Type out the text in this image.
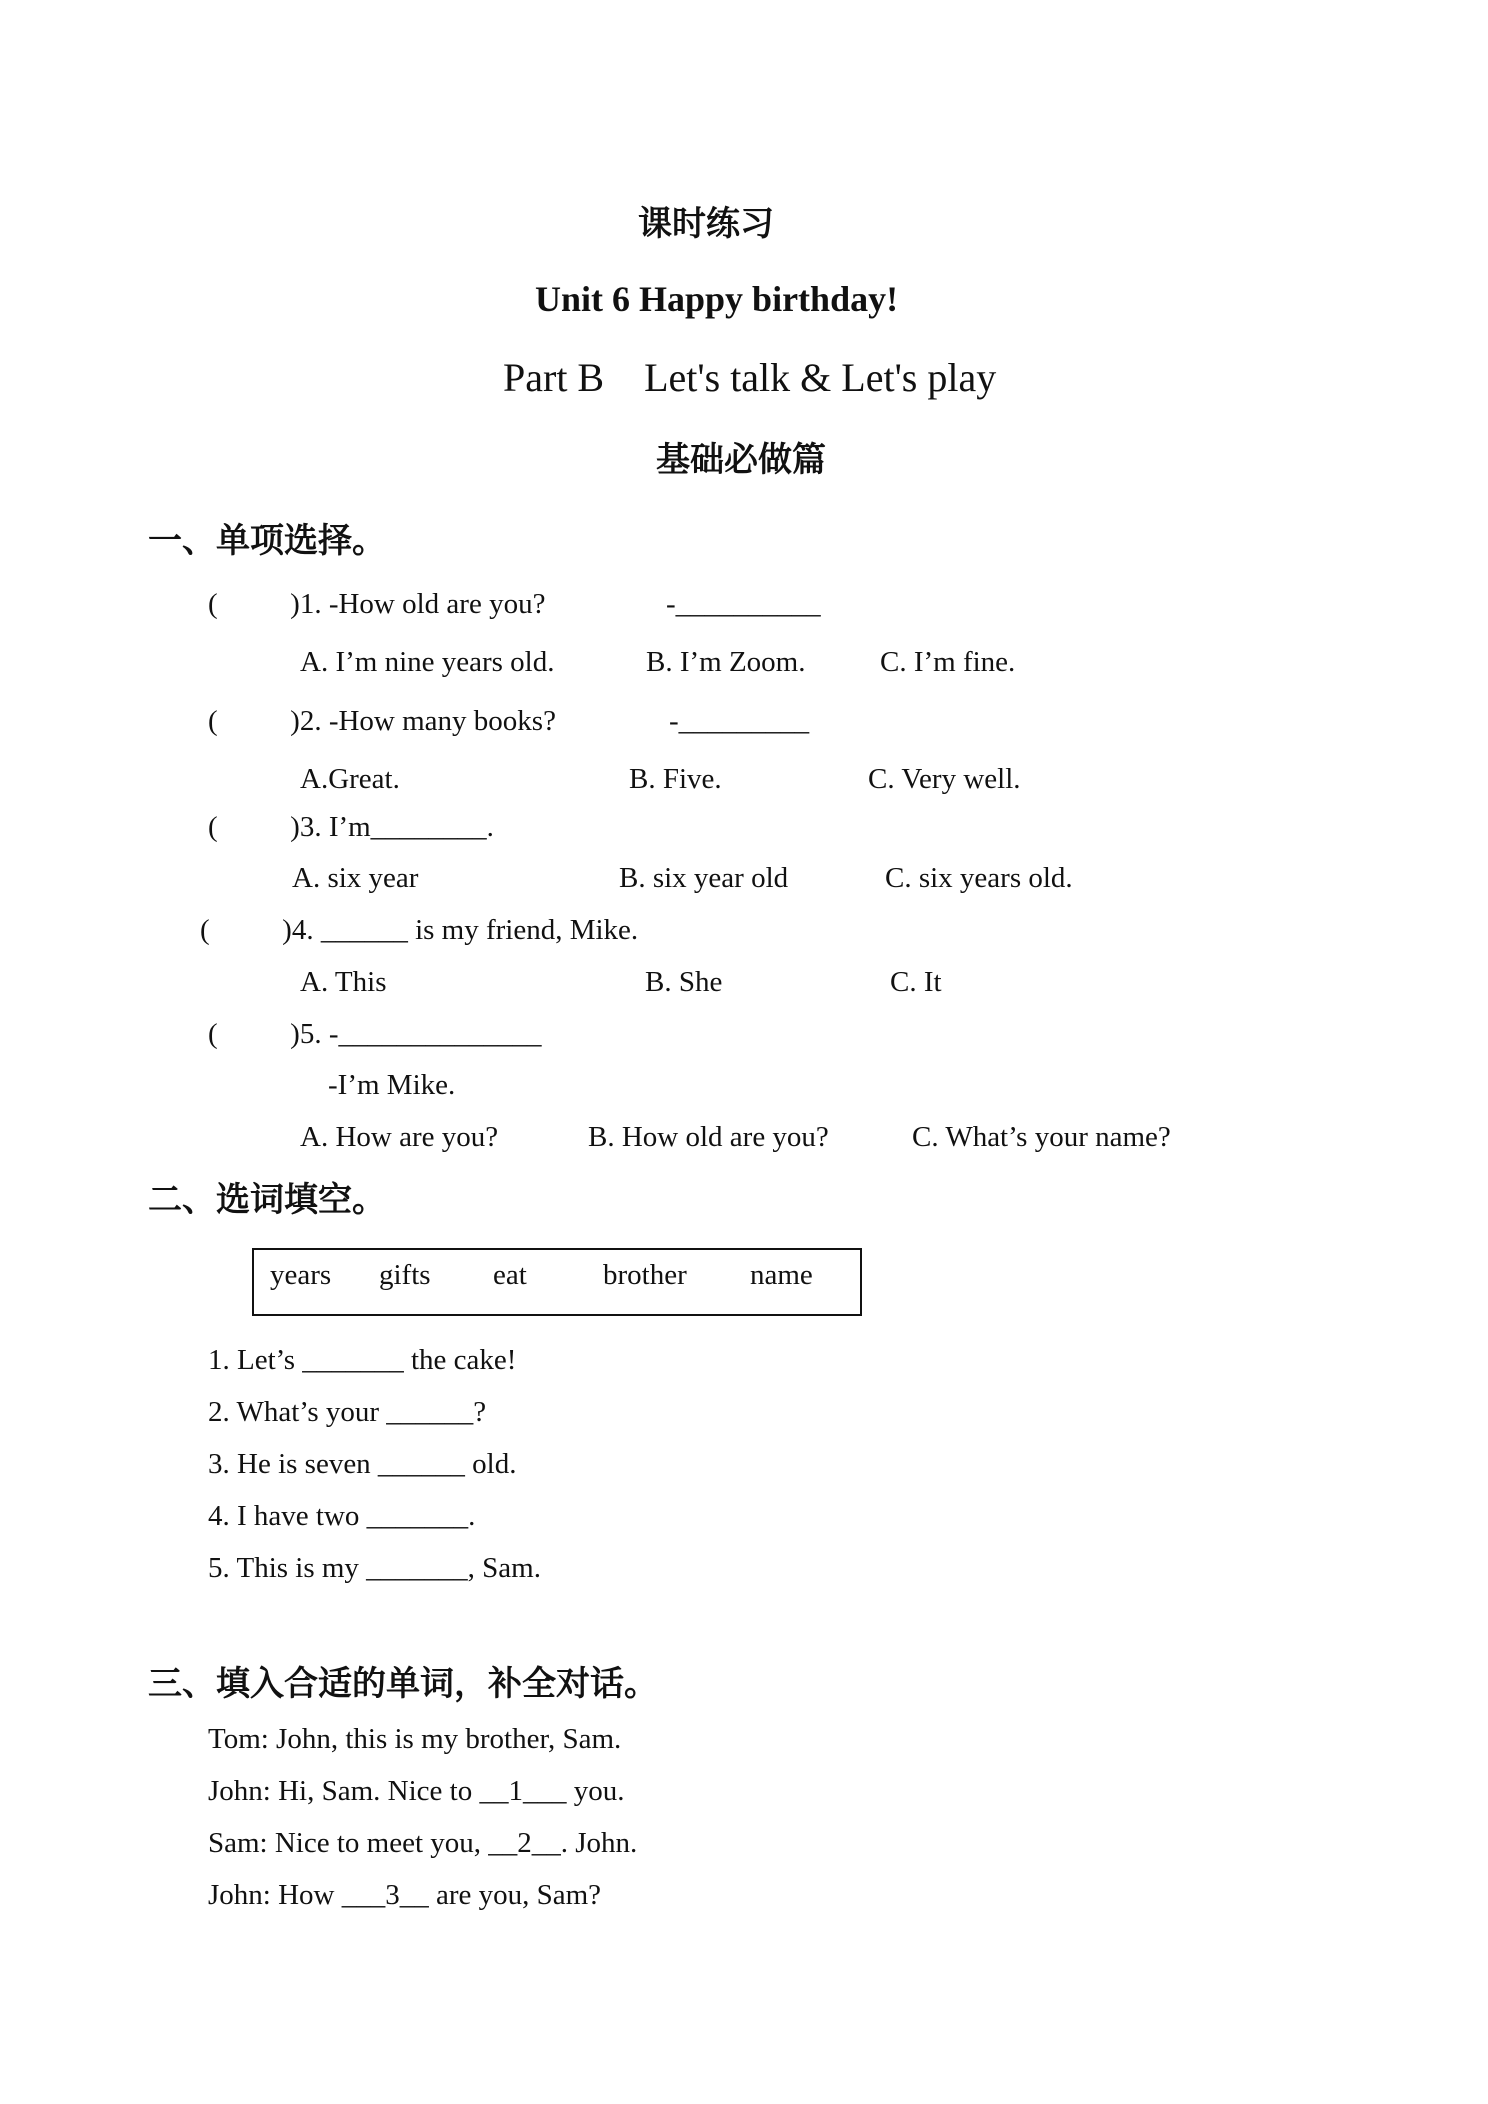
课时练习
Unit 6 Happy birthday!
Part B    Let's talk & Let's play
基础必做篇
一、单项选择。
(          )1. -How old are you?	-__________
A. I’m nine years old.	B. I’m Zoom.	C. I’m fine.
(          )2. -How many books?	-_________
A.Great.	B. Five.	C. Very well.
(          )3. I’m________.
A. six year	B. six year old	C. six years old.
(          )4. ______ is my friend, Mike.
A. This	B. She	C. It
(          )5. -______________
-I’m Mike.
A. How are you?	B. How old are you?	C. What’s your name?
二、选词填空。
years gifts eat	brother name
1. Let’s _______ the cake!
2. What’s your ______?
3. He is seven ______ old.
4. I have two _______.
5. This is my _______, Sam.
三、填入合适的单词，补全对话。
Tom: John, this is my brother, Sam.
John: Hi, Sam. Nice to __1___ you.
Sam: Nice to meet you, __2__. John.
John: How ___3__ are you, Sam?
